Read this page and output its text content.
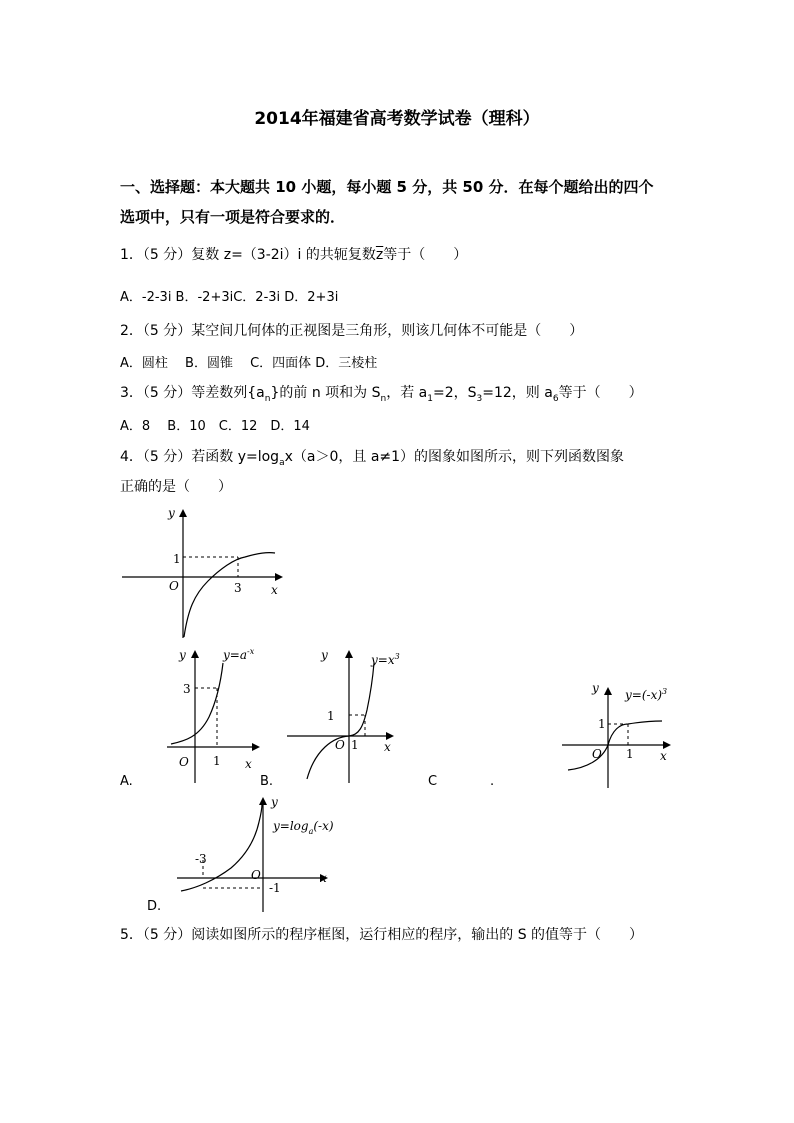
2014年福建省高考数学试卷（理科）
一、选择题：本大题共 10 小题，每小题 5 分，共 50 分．在每个题给出的四个
选项中，只有一项是符合要求的．
1．（5 分）复数 z=（3-2i）i 的共轭复数$\overline{z}$等于（　　）
A．-2-3i B．-2+3iC．2-3i D．2+3i
2．（5 分）某空间几何体的正视图是三角形，则该几何体不可能是（　　）
A．圆柱　 B．圆锥　 C．四面体 D．三棱柱
3．（5 分）等差数列$\{a_n\}$的前 n 项和为 $S_n$，若 $a_1=2$，$S_3=12$，则 $a_6$等于（　　）
A．8　 B．10　C．12　D．14
4．（5 分）若函数 $y=\log_ax(a>0$，且 a≠1）的图象如图所示，则下列函数图象
正确的是（　　）
y
1
O	3 x
y	$y=a^{-x}$
3
O 1 x
y	$y=x^3$
1
O 1 x
y $y=(-x)^3$
1
O 1 x
A.	B.	C	.
y
$y=\log_a(-x)$
-3
O
-1
x
D.
5．（5 分）阅读如图所示的程序框图，运行相应的程序，输出的 S 的值等于（　　）
